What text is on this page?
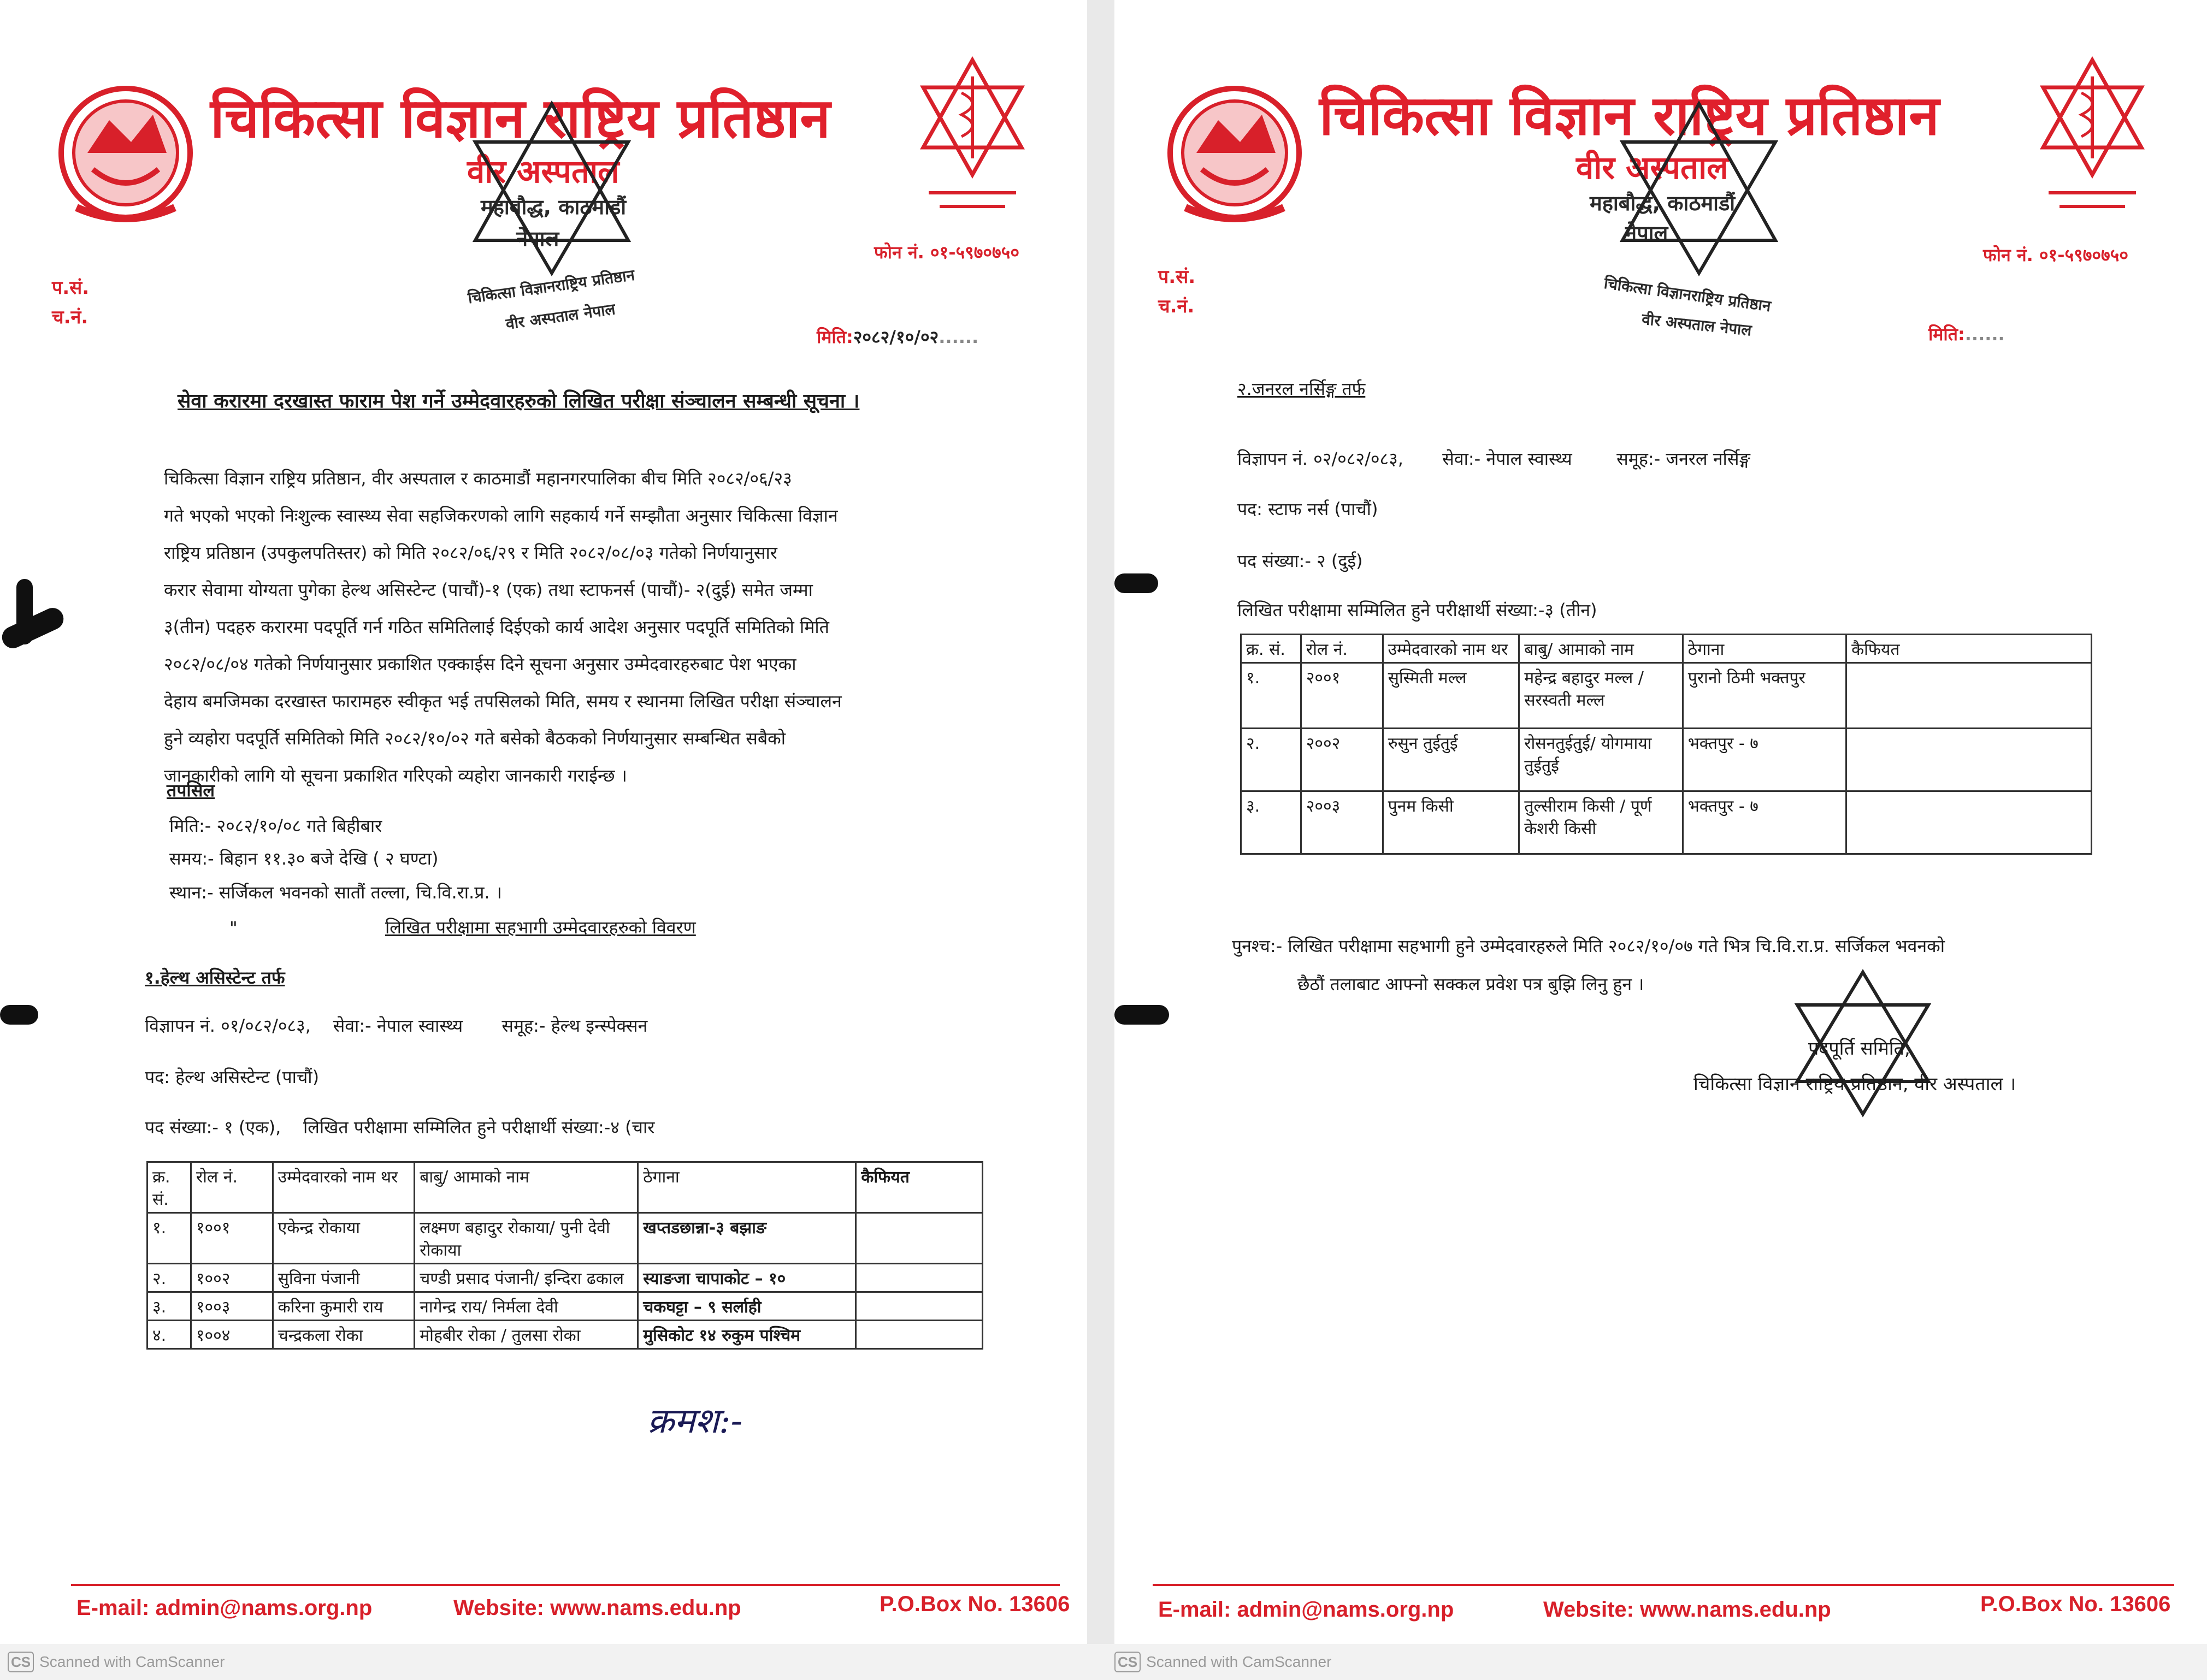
चिकित्सा विज्ञान राष्ट्रिय प्रतिष्ठान
वीर अस्पताल
महाबौद्ध, काठमाडौं
नेपाल
चिकित्सा विज्ञानराष्ट्रिय प्रतिष्ठान
वीर अस्पताल नेपाल
फोन नं. ०१-५९७०७५०
प.सं.
च.नं.
मिति:२०८२/१०/०२......
सेवा करारमा दरखास्त फाराम पेश गर्ने उम्मेदवारहरुको लिखित परीक्षा संञ्चालन सम्बन्धी सूचना ।
चिकित्सा विज्ञान राष्ट्रिय प्रतिष्ठान, वीर अस्पताल र काठमाडौं महानगरपालिका बीच मिति २०८२/०६/२३
गते भएको भएको निःशुल्क स्वास्थ्य सेवा सहजिकरणको लागि सहकार्य गर्ने सम्झौता अनुसार चिकित्सा विज्ञान
राष्ट्रिय प्रतिष्ठान (उपकुलपतिस्तर) को मिति २०८२/०६/२९ र मिति २०८२/०८/०३ गतेको निर्णयानुसार
करार सेवामा योग्यता पुगेका हेल्थ असिस्टेन्ट (पाचौं)-१ (एक) तथा स्टाफनर्स (पाचौं)- २(दुई) समेत जम्मा
३(तीन) पदहरु करारमा पदपूर्ति गर्न गठित समितिलाई दिईएको कार्य आदेश अनुसार पदपूर्ति समितिको मिति
२०८२/०८/०४ गतेको निर्णयानुसार प्रकाशित एक्काईस दिने सूचना अनुसार उम्मेदवारहरुबाट पेश भएका
देहाय बमजिमका दरखास्त फारामहरु स्वीकृत भई तपसिलको मिति, समय र स्थानमा लिखित परीक्षा संञ्चालन
हुने व्यहोरा पदपूर्ति समितिको मिति २०८२/१०/०२ गते बसेको बैठकको निर्णयानुसार सम्बन्धित सबैको
जानकारीको लागि यो सूचना प्रकाशित गरिएको व्यहोरा जानकारी गराईन्छ ।
तपसिल
मिति:- २०८२/१०/०८ गते बिहीबार
समय:- बिहान ११.३० बजे देखि ( २ घण्टा)
स्थान:- सर्जिकल भवनको सातौं तल्ला, चि.वि.रा.प्र. ।
"	लिखित परीक्षामा सहभागी उम्मेदवारहरुको विवरण
१.हेल्थ असिस्टेन्ट तर्फ
विज्ञापन नं. ०१/०८२/०८३,    सेवा:- नेपाल स्वास्थ्य       समूह:- हेल्थ इन्स्पेक्सन
पद: हेल्थ असिस्टेन्ट (पाचौं)
पद संख्या:- १ (एक),    लिखित परीक्षामा सम्मिलित हुने परीक्षार्थी संख्या:-४ (चार
क्र. सं.	रोल नं.	उम्मेदवारको नाम थर	बाबु/ आमाको नाम	ठेगाना	कैफियत
१.	१००१	एकेन्द्र रोकाया	लक्ष्मण बहादुर रोकाया/ पुनी देवी रोकाया	खप्तडछान्ना-३ बझाङ	
२.	१००२	सुविना पंजानी	चण्डी प्रसाद पंजानी/ इन्दिरा ढकाल	स्याङजा चापाकोट – १०	
३.	१००३	करिना कुमारी राय	नागेन्द्र राय/ निर्मला देवी	चकघट्टा – ९ सर्लाही	
४.	१००४	चन्द्रकला रोका	मोहबीर रोका / तुलसा रोका	मुसिकोट १४ रुकुम पश्चिम	
क्रमश:-
E-mail: admin@nams.org.np	Website: www.nams.edu.np	P.O.Box No. 13606
चिकित्सा विज्ञान राष्ट्रिय प्रतिष्ठान
वीर अस्पताल
महाबौद्ध, काठमाडौं
नेपाल
चिकित्सा विज्ञानराष्ट्रिय प्रतिष्ठान
वीर अस्पताल नेपाल
फोन नं. ०१-५९७०७५०
प.सं.
च.नं.
मिति:......
२.जनरल नर्सिङ्ग तर्फ
विज्ञापन नं. ०२/०८२/०८३,       सेवा:- नेपाल स्वास्थ्य        समूह:- जनरल नर्सिङ्ग
पद: स्टाफ नर्स (पाचौं)
पद संख्या:- २ (दुई)
लिखित परीक्षामा सम्मिलित हुने परीक्षार्थी संख्या:-३ (तीन)
क्र. सं.	रोल नं.	उम्मेदवारको नाम थर	बाबु/ आमाको नाम	ठेगाना	कैफियत
१.	२००१	सुस्मिती मल्ल	महेन्द्र बहादुर मल्ल / सरस्वती मल्ल	पुरानो ठिमी भक्तपुर	
२.	२००२	रुसुन तुईतुई	रोसनतुईतुई/ योगमाया तुईतुई	भक्तपुर - ७	
३.	२००३	पुनम किसी	तुल्सीराम किसी / पूर्ण केशरी किसी	भक्तपुर - ७	
पुनश्च:- लिखित परीक्षामा सहभागी हुने उम्मेदवारहरुले मिति २०८२/१०/०७ गते भित्र चि.वि.रा.प्र. सर्जिकल भवनको
छैठौं तलाबाट आफ्नो सक्कल प्रवेश पत्र बुझि लिनु हुन ।
पदपूर्ति समिति,
चिकित्सा विज्ञान राष्ट्रिय प्रतिष्ठान, वीर अस्पताल ।
E-mail: admin@nams.org.np	Website: www.nams.edu.np	P.O.Box No. 13606
CS Scanned with CamScanner	CS Scanned with CamScanner
